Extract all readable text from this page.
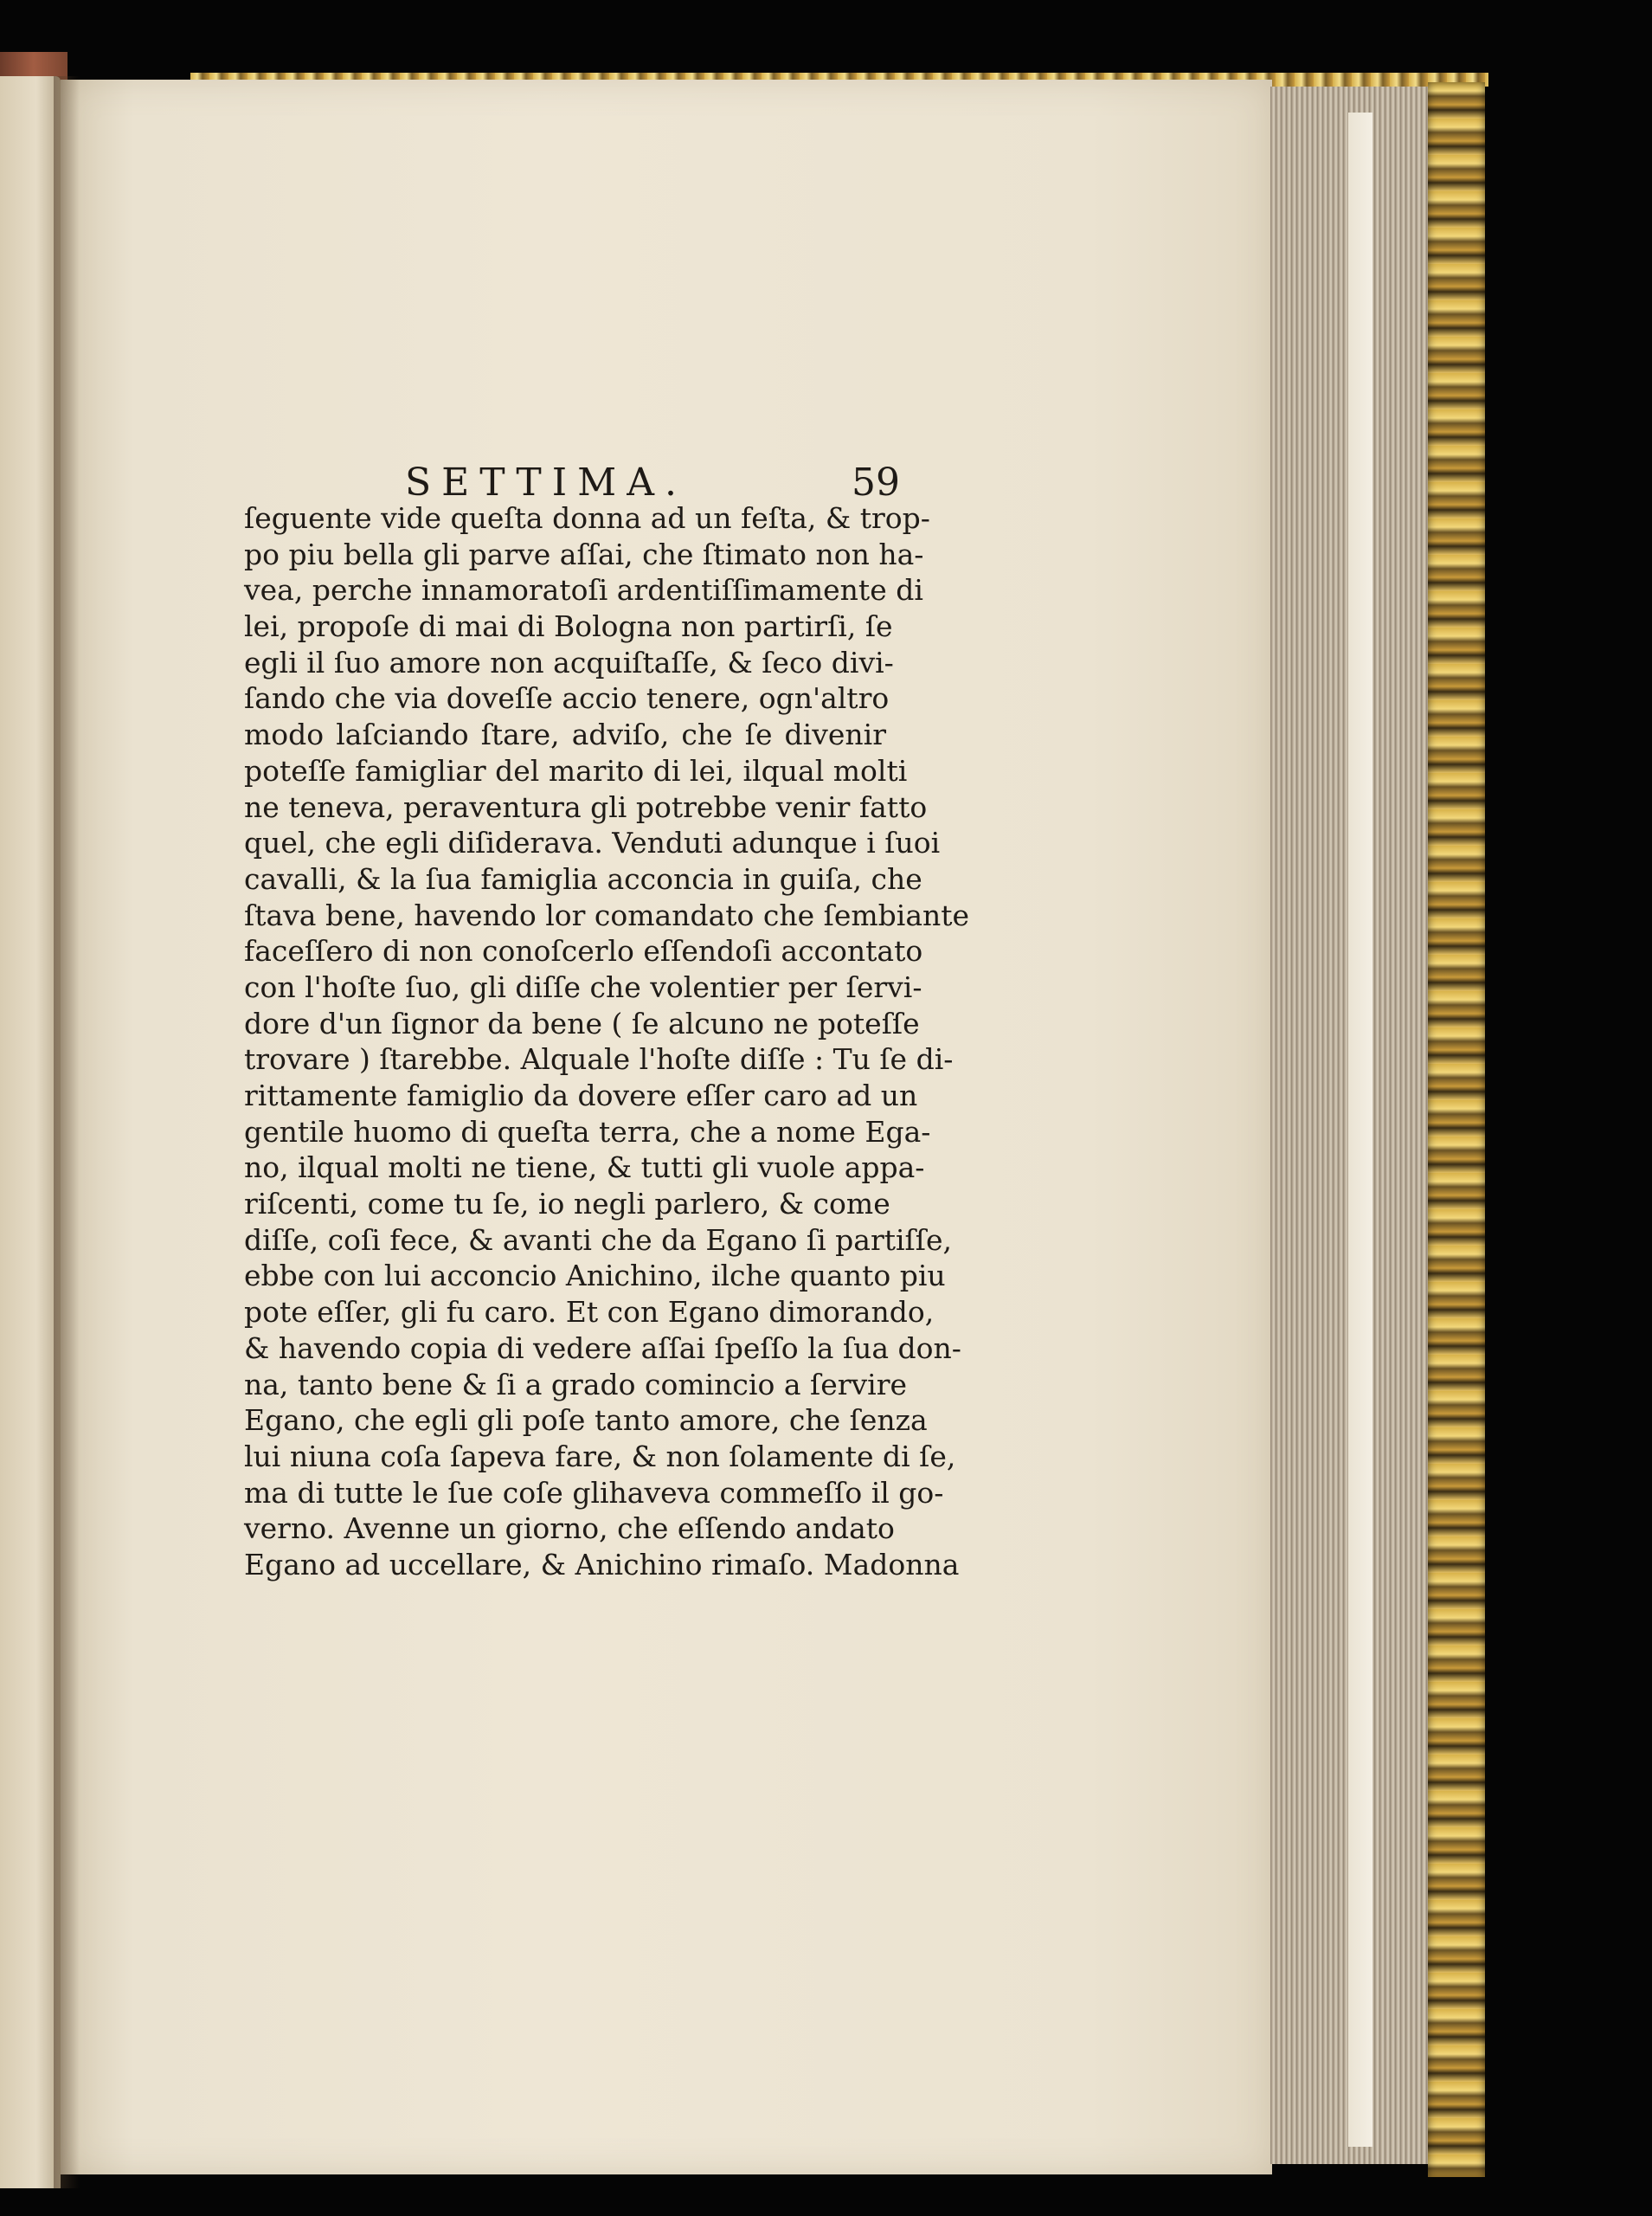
SETTIMA.	59
ſeguente vide queſta donna ad un feſta, & trop-
po piu bella gli parve aſſai, che ſtimato non ha-
vea, perche innamoratoſi ardentiſſimamente di
lei, propoſe di mai di Bologna non partirſi, ſe
egli il ſuo amore non acquiſtaſſe, & ſeco divi-
ſando che via doveſſe accio tenere, ogn'altro
modo laſciando ſtare, adviſo, che ſe divenir
poteſſe famigliar del marito di lei, ilqual molti
ne teneva, peraventura gli potrebbe venir fatto
quel, che egli diſiderava. Venduti adunque i ſuoi
cavalli, & la ſua famiglia acconcia in guiſa, che
ſtava bene, havendo lor comandato che ſembiante
faceſſero di non conoſcerlo eſſendoſi accontato
con l'hoſte ſuo, gli diſſe che volentier per ſervi-
dore d'un ſignor da bene ( ſe alcuno ne poteſſe
trovare ) ſtarebbe. Alquale l'hoſte diſſe : Tu ſe di-
rittamente famiglio da dovere eſſer caro ad un
gentile huomo di queſta terra, che a nome Ega-
no, ilqual molti ne tiene, & tutti gli vuole appa-
riſcenti, come tu ſe, io negli parlero, & come
diſſe, coſi fece, & avanti che da Egano ſi partiſſe,
ebbe con lui acconcio Anichino, ilche quanto piu
pote eſſer, gli fu caro. Et con Egano dimorando,
& havendo copia di vedere aſſai ſpeſſo la ſua don-
na, tanto bene & ſi a grado comincio a ſervire
Egano, che egli gli poſe tanto amore, che ſenza
lui niuna coſa ſapeva fare, & non ſolamente di ſe,
ma di tutte le ſue coſe glihaveva commeſſo il go-
verno. Avenne un giorno, che eſſendo andato
Egano ad uccellare, & Anichino rimaſo. Madonna
